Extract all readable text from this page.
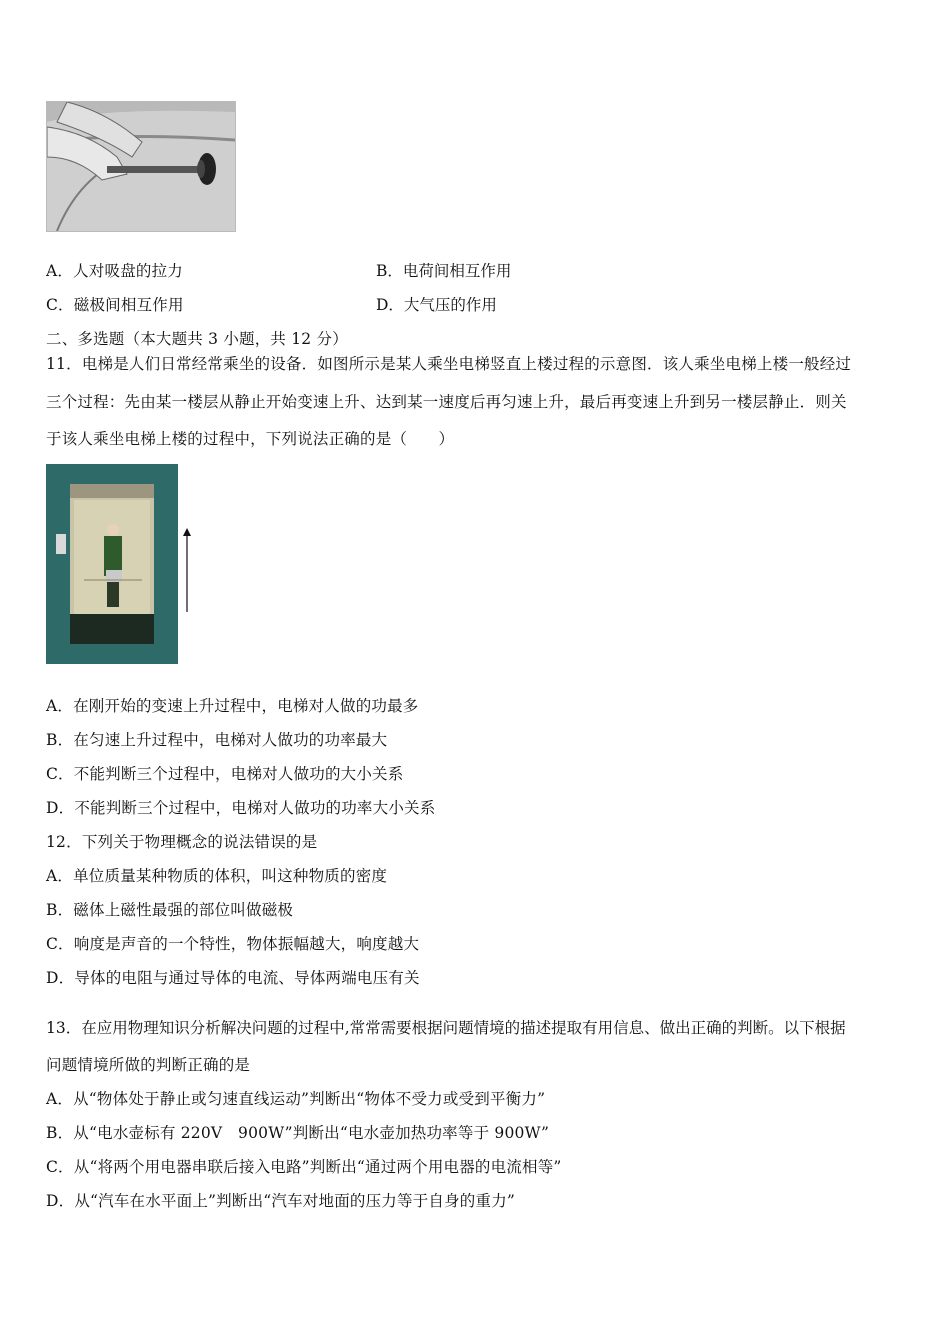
A．人对吸盘的拉力	B．电荷间相互作用
C．磁极间相互作用	D．大气压的作用
二、多选题（本大题共 3 小题，共 12 分）
11．电梯是人们日常经常乘坐的设备．如图所示是某人乘坐电梯竖直上楼过程的示意图．该人乘坐电梯上楼一般经过
三个过程：先由某一楼层从静止开始变速上升、达到某一速度后再匀速上升，最后再变速上升到另一楼层静止．则关
于该人乘坐电梯上楼的过程中，下列说法正确的是（　　）
A．在刚开始的变速上升过程中，电梯对人做的功最多
B．在匀速上升过程中，电梯对人做功的功率最大
C．不能判断三个过程中，电梯对人做功的大小关系
D．不能判断三个过程中，电梯对人做功的功率大小关系
12．下列关于物理概念的说法错误的是
A．单位质量某种物质的体积，叫这种物质的密度
B．磁体上磁性最强的部位叫做磁极
C．响度是声音的一个特性，物体振幅越大，响度越大
D．导体的电阻与通过导体的电流、导体两端电压有关
13．在应用物理知识分析解决问题的过程中,常常需要根据问题情境的描述提取有用信息、做出正确的判断。以下根据
问题情境所做的判断正确的是
A．从“物体处于静止或匀速直线运动”判断出“物体不受力或受到平衡力”
B．从“电水壶标有 220V　900W”判断出“电水壶加热功率等于 900W”
C．从“将两个用电器串联后接入电路”判断出“通过两个用电器的电流相等”
D．从“汽车在水平面上”判断出“汽车对地面的压力等于自身的重力”
